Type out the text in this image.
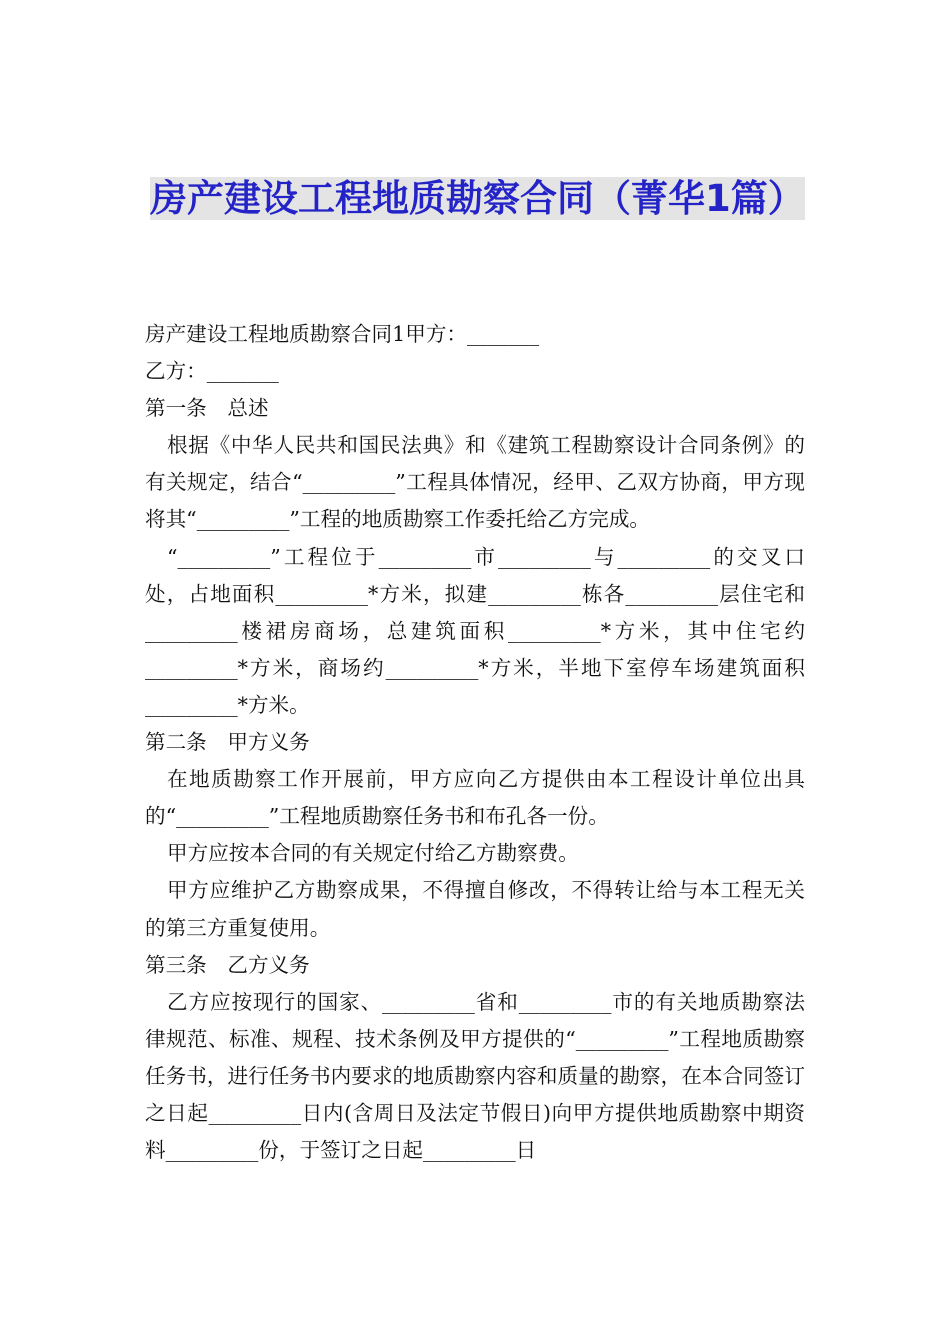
房产建设工程地质勘察合同（菁华1篇）

房产建设工程地质勘察合同1甲方：_______

乙方：_______

第一条　总述

根据《中华人民共和国民法典》和《建筑工程勘察设计合同条例》的有关规定，结合“_________”工程具体情况，经甲、乙双方协商，甲方现将其“_________”工程的地质勘察工作委托给乙方完成。

“_________”工程位于_________市_________与_________的交叉口处，占地面积_________*方米，拟建_________栋各_________层住宅和_________楼裙房商场，总建筑面积_________*方米，其中住宅约_________*方米，商场约_________*方米，半地下室停车场建筑面积_________*方米。

第二条　甲方义务

在地质勘察工作开展前，甲方应向乙方提供由本工程设计单位出具的“_________”工程地质勘察任务书和布孔各一份。

甲方应按本合同的有关规定付给乙方勘察费。

甲方应维护乙方勘察成果，不得擅自修改，不得转让给与本工程无关的第三方重复使用。

第三条　乙方义务

乙方应按现行的国家、_________省和_________市的有关地质勘察法律规范、标准、规程、技术条例及甲方提供的“_________”工程地质勘察任务书，进行任务书内要求的地质勘察内容和质量的勘察，在本合同签订之日起_________日内(含周日及法定节假日)向甲方提供地质勘察中期资料_________份，于签订之日起_________日
